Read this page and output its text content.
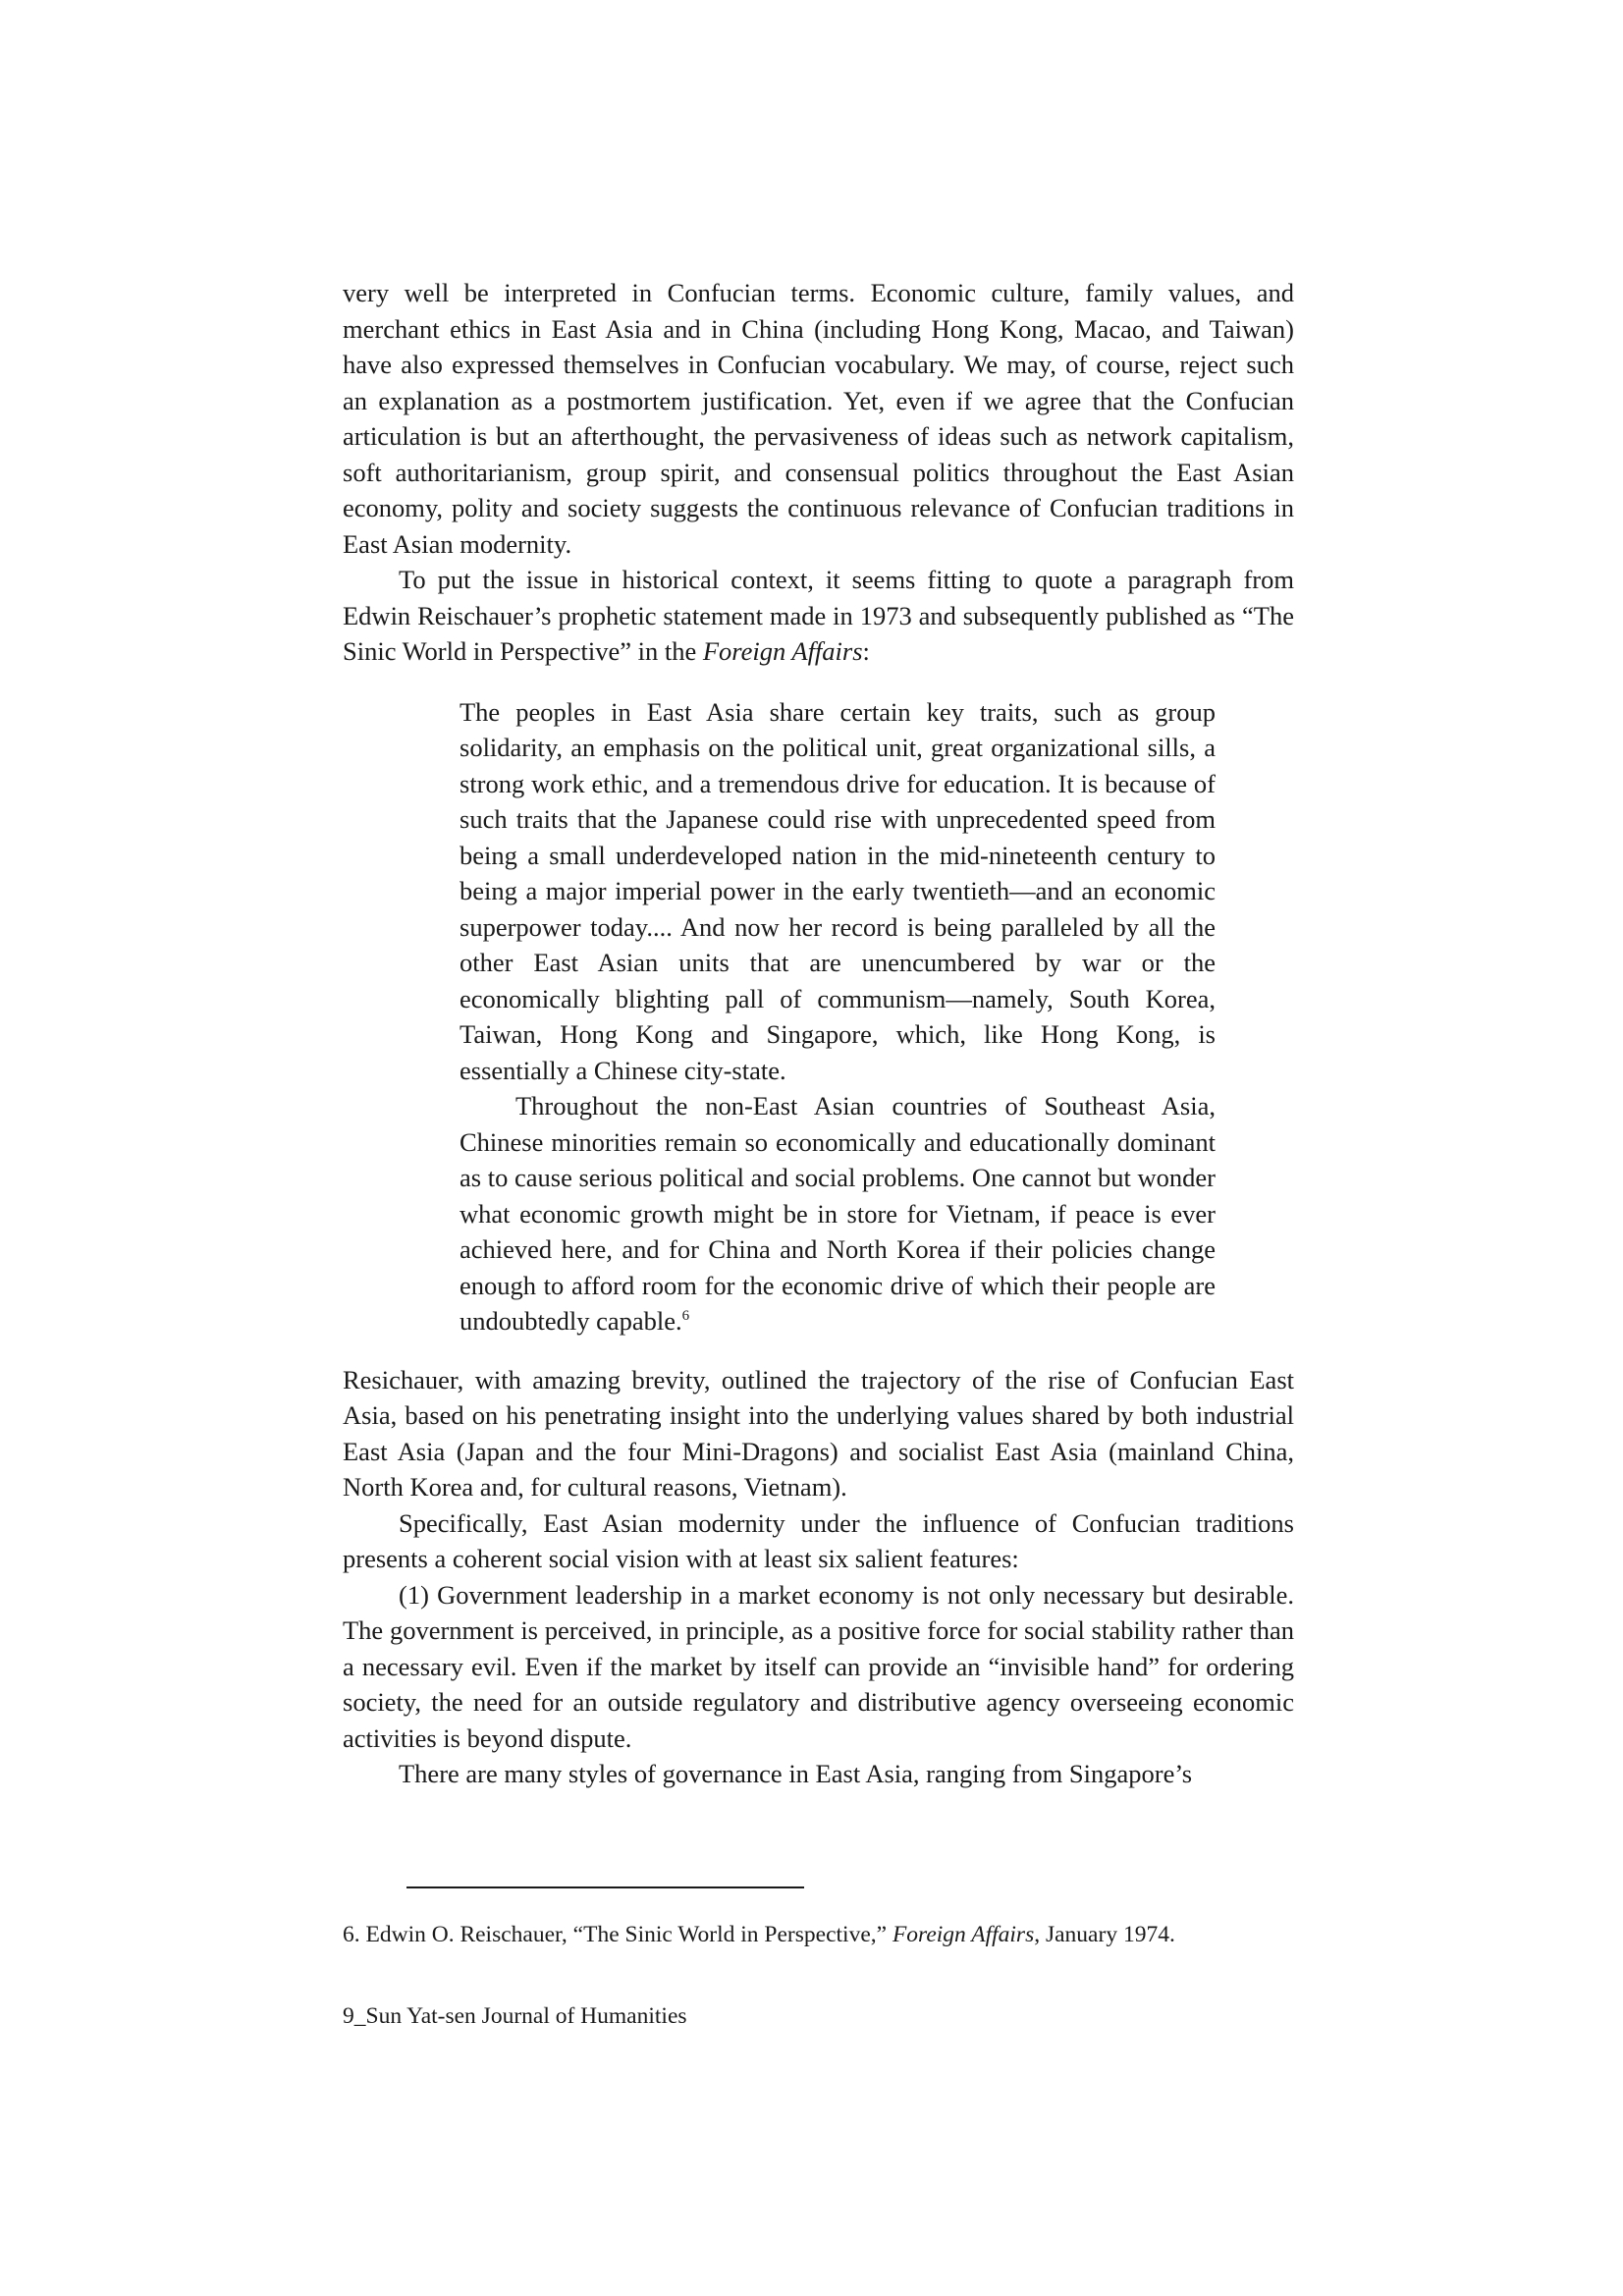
very well be interpreted in Confucian terms. Economic culture, family values, and merchant ethics in East Asia and in China (including Hong Kong, Macao, and Taiwan) have also expressed themselves in Confucian vocabulary. We may, of course, reject such an explanation as a postmortem justification. Yet, even if we agree that the Confucian articulation is but an afterthought, the pervasiveness of ideas such as network capitalism, soft authoritarianism, group spirit, and consensual politics throughout the East Asian economy, polity and society suggests the continuous relevance of Confucian traditions in East Asian modernity.

To put the issue in historical context, it seems fitting to quote a paragraph from Edwin Reischauer’s prophetic statement made in 1973 and subsequently published as “The Sinic World in Perspective” in the Foreign Affairs:

The peoples in East Asia share certain key traits, such as group solidarity, an emphasis on the political unit, great organizational sills, a strong work ethic, and a tremendous drive for education. It is because of such traits that the Japanese could rise with unprecedented speed from being a small underdeveloped nation in the mid-nineteenth century to being a major imperial power in the early twentieth—and an economic superpower today.... And now her record is being paralleled by all the other East Asian units that are unencumbered by war or the economically blighting pall of communism—namely, South Korea, Taiwan, Hong Kong and Singapore, which, like Hong Kong, is essentially a Chinese city-state.

Throughout the non-East Asian countries of Southeast Asia, Chinese minorities remain so economically and educationally dominant as to cause serious political and social problems. One cannot but wonder what economic growth might be in store for Vietnam, if peace is ever achieved here, and for China and North Korea if their policies change enough to afford room for the economic drive of which their people are undoubtedly capable.$^6$

Resichauer, with amazing brevity, outlined the trajectory of the rise of Confucian East Asia, based on his penetrating insight into the underlying values shared by both industrial East Asia (Japan and the four Mini-Dragons) and socialist East Asia (mainland China, North Korea and, for cultural reasons, Vietnam).

Specifically, East Asian modernity under the influence of Confucian traditions presents a coherent social vision with at least six salient features:

(1) Government leadership in a market economy is not only necessary but desirable. The government is perceived, in principle, as a positive force for social stability rather than a necessary evil. Even if the market by itself can provide an “invisible hand” for ordering society, the need for an outside regulatory and distributive agency overseeing economic activities is beyond dispute.

There are many styles of governance in East Asia, ranging from Singapore’s

6. Edwin O. Reischauer, “The Sinic World in Perspective,” Foreign Affairs, January 1974.
9_Sun Yat-sen Journal of Humanities
